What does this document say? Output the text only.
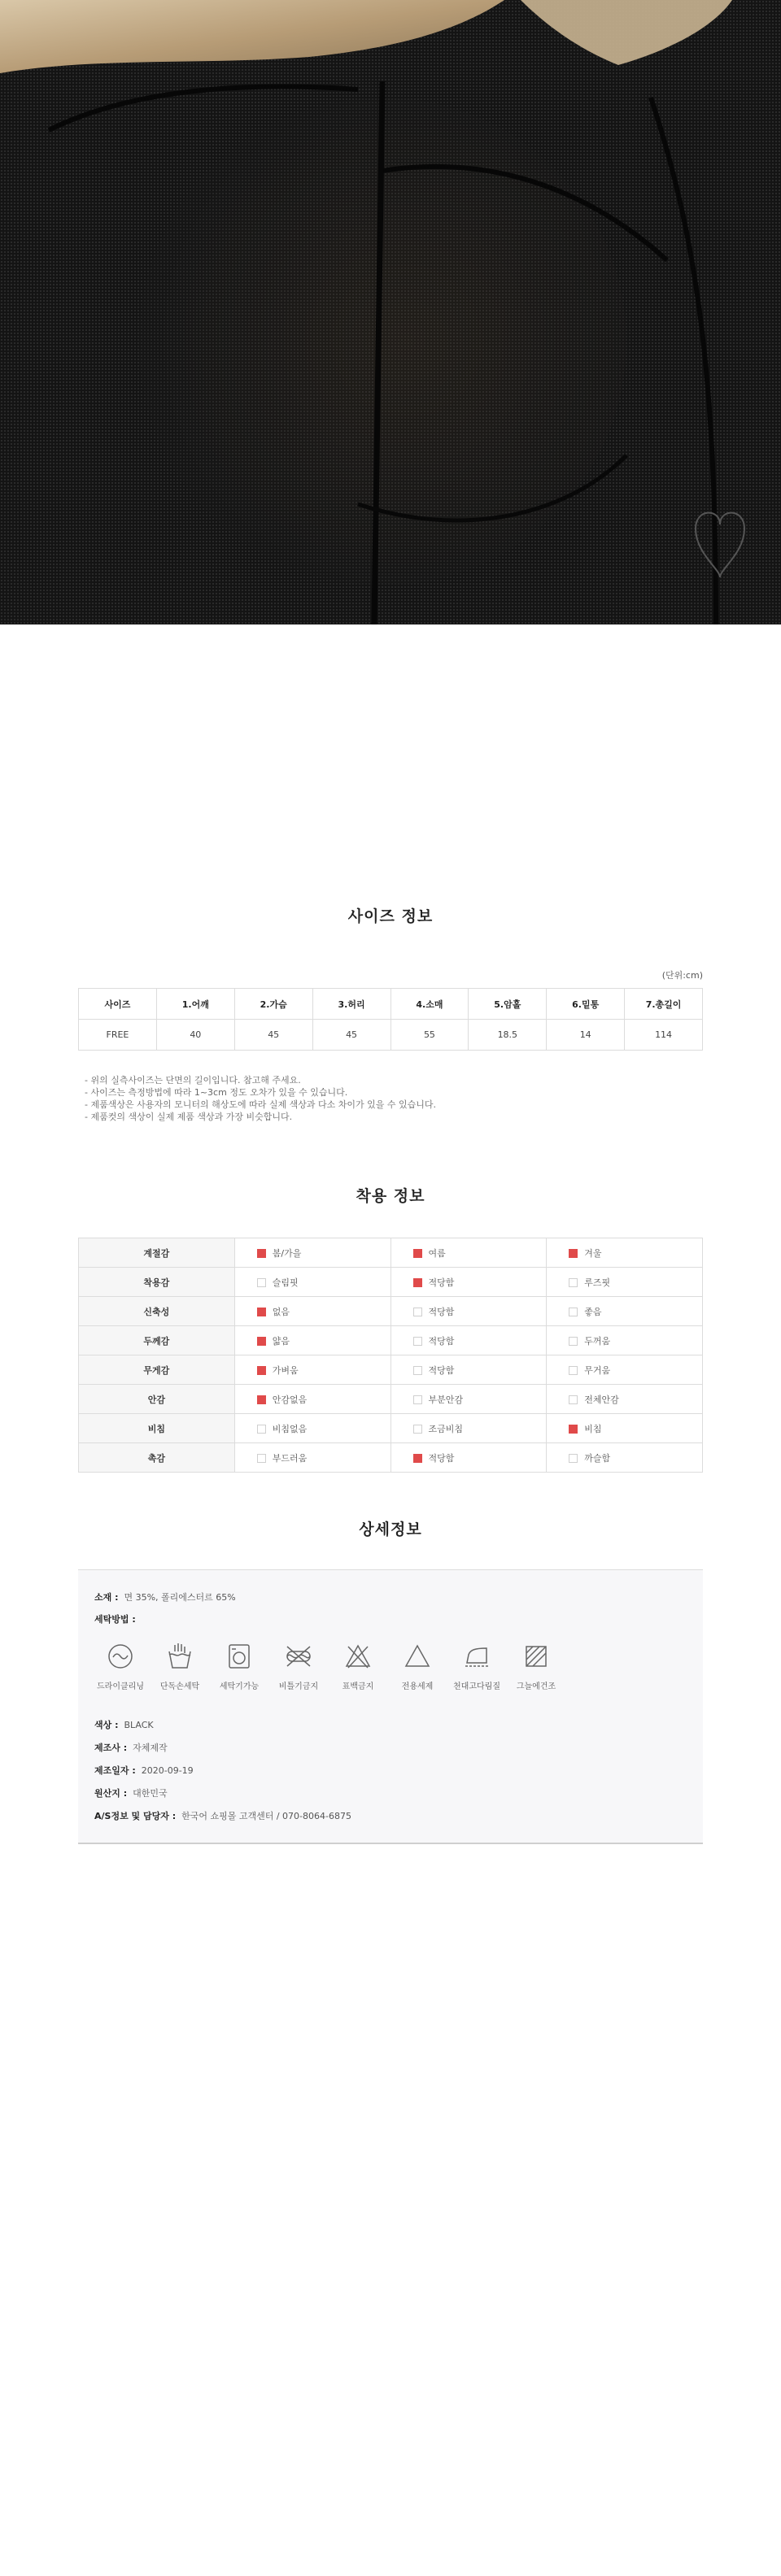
사이즈 정보
(단위:cm)
사이즈	1.어깨	2.가슴	3.허리	4.소매	5.암홀	6.밑통	7.총길이
FREE	40	45	45	55	18.5	14	114
- 위의 실측사이즈는 단면의 길이입니다. 참고해 주세요.
- 사이즈는 측정방법에 따라 1~3cm 정도 오차가 있을 수 있습니다.
- 제품색상은 사용자의 모니터의 해상도에 따라 실제 색상과 다소 차이가 있을 수 있습니다.
- 제품컷의 색상이 실제 제품 색상과 가장 비슷합니다.
착용 정보
계절감	봄/가을	여름	겨울
착용감	슬림핏	적당함	루즈핏
신축성	없음	적당함	좋음
두께감	얇음	적당함	두꺼움
무게감	가벼움	적당함	무거움
안감	안감없음	부분안감	전체안감
비침	비침없음	조금비침	비침
촉감	부드러움	적당함	까슬함
상세정보
소재 : 면 35%, 폴리에스터르 65%
세탁방법 :
드라이클리닝	단독손세탁	세탁기가능	비틀기금지	표백금지	전용세제	천대고다림질	그늘에건조
색상 : BLACK
제조사 : 자체제작
제조일자 : 2020-09-19
원산지 : 대한민국
A/S정보 및 담당자 : 한국어 쇼핑몰 고객센터 / 070-8064-6875
